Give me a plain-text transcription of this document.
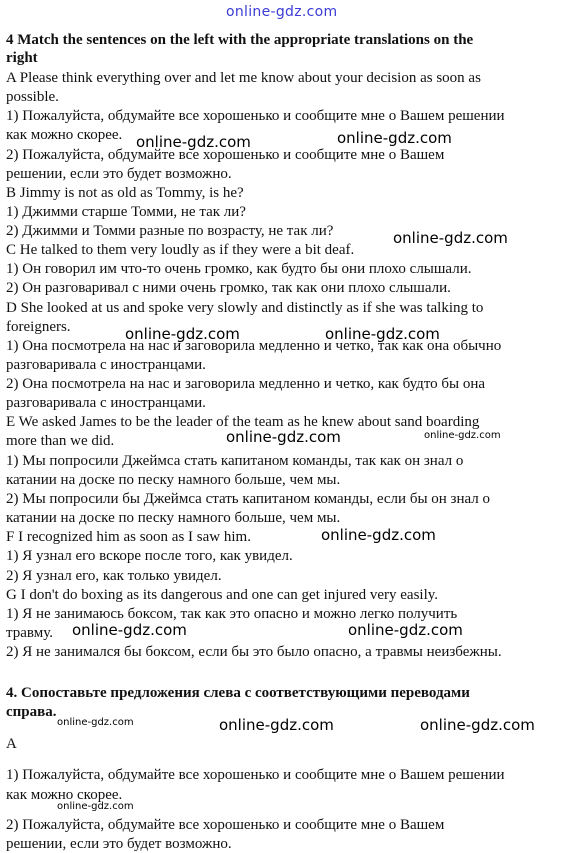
4 Match the sentences on the left with the appropriate translations on the
right
A Please think everything over and let me know about your decision as soon as
possible.
1) Пожалуйста, обдумайте все хорошенько и сообщите мне о Вашем решении
как можно скорее.
2) Пожалуйста, обдумайте все хорошенько и сообщите мне о Вашем
решении, если это будет возможно.
B Jimmy is not as old as Tommy, is he?
1) Джимми старше Томми, не так ли?
2) Джимми и Томми разные по возрасту, не так ли?
C He talked to them very loudly as if they were a bit deaf.
1) Он говорил им что-то очень громко, как будто бы они плохо слышали.
2) Он разговаривал с ними очень громко, так как они плохо слышали.
D She looked at us and spoke very slowly and distinctly as if she was talking to
foreigners.
1) Она посмотрела на нас и заговорила медленно и четко, так как она обычно
разговаривала с иностранцами.
2) Она посмотрела на нас и заговорила медленно и четко, как будто бы она
разговаривала с иностранцами.
E We asked James to be the leader of the team as he knew about sand boarding
more than we did.
1) Мы попросили Джеймса стать капитаном команды, так как он знал о
катании на доске по песку намного больше, чем мы.
2) Мы попросили бы Джеймса стать капитаном команды, если бы он знал о
катании на доске по песку намного больше, чем мы.
F I recognized him as soon as I saw him.
1) Я узнал его вскоре после того, как увидел.
2) Я узнал его, как только увидел.
G I don't do boxing as its dangerous and one can get injured very easily.
1) Я не занимаюсь боксом, так как это опасно и можно легко получить
травму.
2) Я не занимался бы боксом, если бы это было опасно, а травмы неизбежны.
4. Сопоставьте предложения слева с соответствующими переводами
справа.
A
1) Пожалуйста, обдумайте все хорошенько и сообщите мне о Вашем решении
как можно скорее.
2) Пожалуйста, обдумайте все хорошенько и сообщите мне о Вашем
решении, если это будет возможно.
online-gdz.com
online-gdz.com	online-gdz.com
online-gdz.com
online-gdz.com	online-gdz.com
online-gdz.com	online-gdz.com
online-gdz.com
online-gdz.com	online-gdz.com
online-gdz.com	online-gdz.com	online-gdz.com
online-gdz.com
